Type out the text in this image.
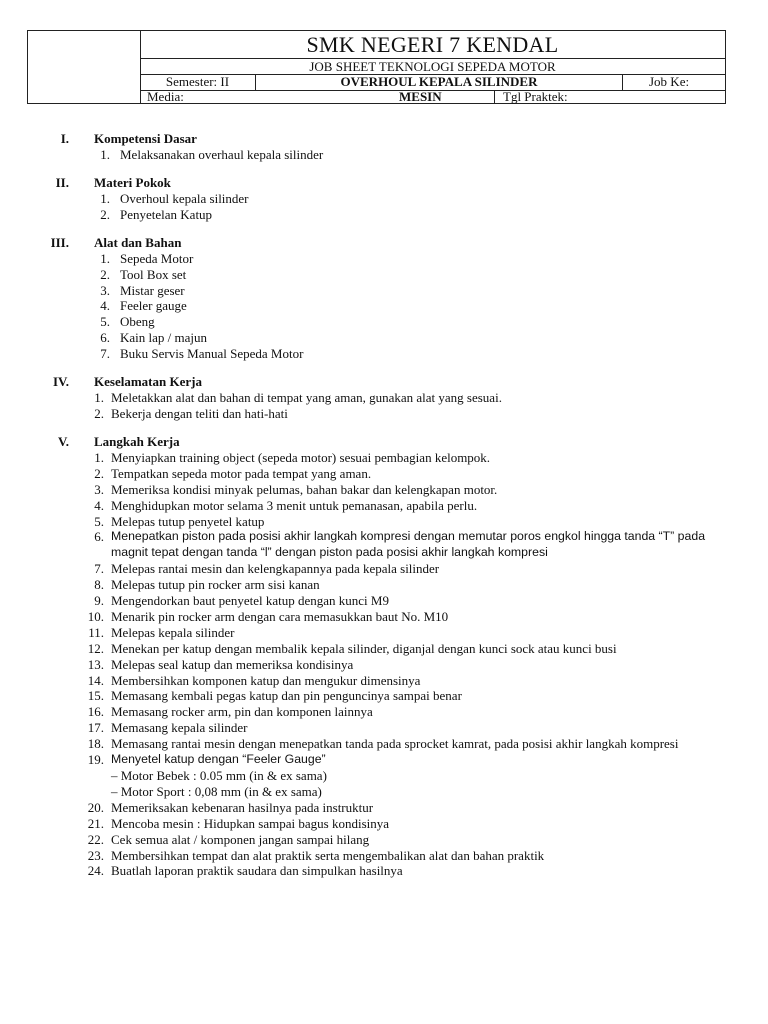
SMK NEGERI 7 KENDAL
JOB SHEET TEKNOLOGI SEPEDA MOTOR
Semester: II	OVERHOUL KEPALA SILINDER	Job Ke:
Media:	MESIN	Tgl Praktek:
I. Kompetensi Dasar
1. Melaksanakan overhaul kepala silinder
II. Materi Pokok
1. Overhoul kepala silinder
2. Penyetelan Katup
III. Alat dan Bahan
1. Sepeda Motor
2. Tool Box set
3. Mistar geser
4. Feeler gauge
5. Obeng
6. Kain lap / majun
7. Buku Servis Manual Sepeda Motor
IV. Keselamatan Kerja
1. Meletakkan alat dan bahan di tempat yang aman, gunakan alat yang sesuai.
2. Bekerja dengan teliti dan hati-hati
V. Langkah Kerja
1. Menyiapkan training object (sepeda motor) sesuai pembagian kelompok.
2. Tempatkan sepeda motor pada tempat yang aman.
3. Memeriksa kondisi minyak pelumas, bahan bakar dan kelengkapan motor.
4. Menghidupkan motor selama 3 menit untuk pemanasan, apabila perlu.
5. Melepas tutup penyetel katup
6. Menepatkan piston pada posisi akhir langkah kompresi dengan memutar poros engkol hingga tanda “T” pada magnit tepat dengan tanda “l” dengan piston pada posisi akhir langkah kompresi
7. Melepas rantai mesin dan kelengkapannya pada kepala silinder
8. Melepas tutup pin rocker arm sisi kanan
9. Mengendorkan baut penyetel katup dengan kunci M9
10. Menarik pin rocker arm dengan cara memasukkan baut No. M10
11. Melepas kepala silinder
12. Menekan per katup dengan membalik kepala silinder, diganjal dengan kunci sock atau kunci busi
13. Melepas seal katup dan memeriksa kondisinya
14. Membersihkan komponen katup dan mengukur dimensinya
15. Memasang kembali pegas katup dan pin penguncinya sampai benar
16. Memasang rocker arm, pin dan komponen lainnya
17. Memasang kepala silinder
18. Memasang rantai mesin dengan menepatkan tanda pada sprocket kamrat, pada posisi akhir langkah kompresi
19. Menyetel katup dengan “Feeler Gauge”
– Motor Bebek : 0.05 mm (in & ex sama)
– Motor Sport : 0,08 mm (in & ex sama)
20. Memeriksakan kebenaran hasilnya pada instruktur
21. Mencoba mesin : Hidupkan sampai bagus kondisinya
22. Cek semua alat / komponen jangan sampai hilang
23. Membersihkan tempat dan alat praktik serta mengembalikan alat dan bahan praktik
24. Buatlah laporan praktik saudara dan simpulkan hasilnya
